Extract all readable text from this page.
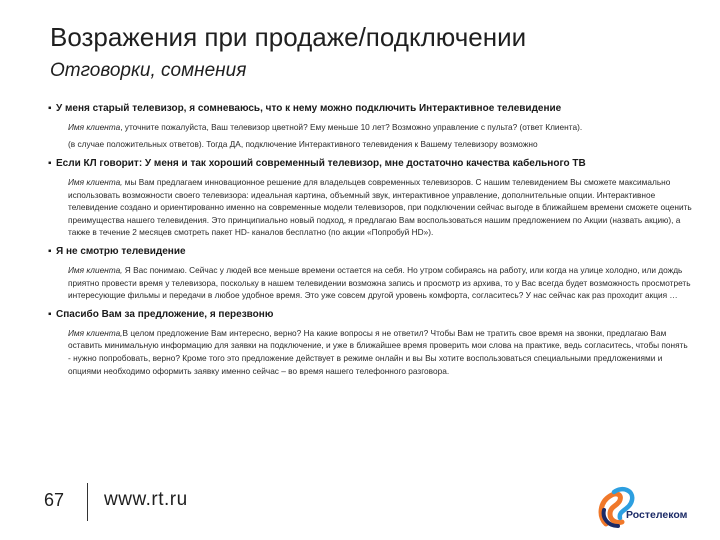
Возражения при продаже/подключении
Отговорки, сомнения
▪ У меня старый телевизор, я сомневаюсь, что к нему можно подключить Интерактивное телевидение

Имя клиента, уточните пожалуйста, Ваш телевизор цветной? Ему меньше 10 лет? Возможно управление с пульта? (ответ Клиента).

(в случае положительных ответов). Тогда ДА, подключение Интерактивного телевидения к Вашему телевизору возможно

▪ Если КЛ говорит: У меня и так хороший современный телевизор, мне достаточно качества кабельного ТВ

Имя клиента, мы Вам предлагаем инновационное решение для владельцев современных телевизоров. С нашим телевидением Вы сможете максимально использовать возможности своего телевизора: идеальная картина, объемный звук, интерактивное управление, дополнительные опции. Интерактивное телевидение создано и ориентированно именно на современные модели телевизоров, при подключении сейчас выгоде в ближайшем времени сможете оценить преимущества нашего телевидения. Это принципиально новый подход, я предлагаю Вам воспользоваться нашим предложением по Акции (назвать акцию), а также в течение 2 месяцев смотреть пакет HD- каналов бесплатно (по акции «Попробуй HD»).

▪ Я не смотрю телевидение

Имя клиента, Я Вас понимаю. Сейчас у людей все меньше времени остается на себя. Но утром собираясь на работу, или когда на улице холодно, или дождь приятно провести время у телевизора, поскольку в нашем телевидении возможна запись и просмотр из архива, то у Вас всегда будет возможность просмотреть интересующие фильмы и передачи в любое удобное время. Это уже совсем другой уровень комфорта, согласитесь? У нас сейчас как раз проходит акция …

▪ Спасибо Вам за предложение, я перезвоню

Имя клиента,В целом предложение Вам интересно, верно? На какие вопросы я не ответил? Чтобы Вам не тратить свое время на звонки, предлагаю Вам оставить минимальную информацию для заявки на подключение, и уже в ближайшее время проверить мои слова на практике, ведь согласитесь, чтобы понять - нужно попробовать, верно? Кроме того это предложение действует в режиме онлайн и вы Вы хотите воспользоваться специальными предложениями и опциями необходимо оформить заявку именно сейчас – во время нашего телефонного разговора.

67 www.rt.ru
Ростелеком
